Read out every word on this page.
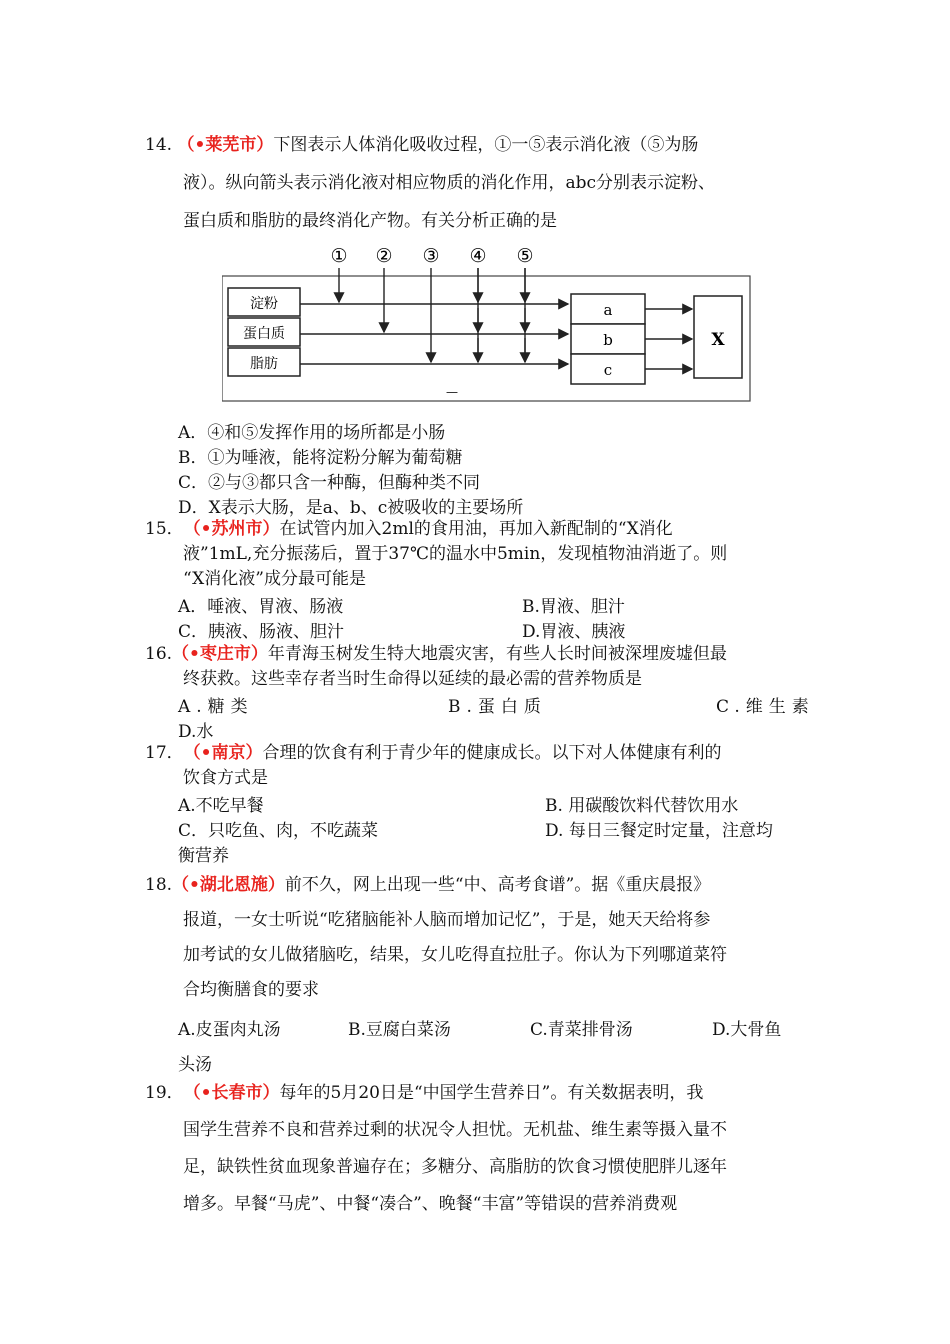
14. （•莱芜市）下图表示人体消化吸收过程，①一⑤表示消化液（⑤为肠
液）。纵向箭头表示消化液对相应物质的消化作用，abc分别表示淀粉、
蛋白质和脂肪的最终消化产物。有关分析正确的是
淀粉
蛋白质
脂肪
① ② ③ ④ ⑤
a
b
c
X
—
A．④和⑤发挥作用的场所都是小肠
B．①为唾液，能将淀粉分解为葡萄糖
C．②与③都只含一种酶，但酶种类不同
D．X表示大肠，是a、b、c被吸收的主要场所
15．（•苏州市）在试管内加入2ml的食用油，再加入新配制的“X消化
液”1mL,充分振荡后，置于37℃的温水中5min，发现植物油消逝了。则
“X消化液”成分最可能是
A．唾液、胃液、肠液	B.胃液、胆汁
C．胰液、肠液、胆汁	D.胃液、胰液
16.（•枣庄市）年青海玉树发生特大地震灾害，有些人长时间被深埋废墟但最
终获救。这些幸存者当时生命得以延续的最必需的营养物质是
A.糖类	B.蛋白质	C.维生素
D.水
17．（•南京）合理的饮食有利于青少年的健康成长。以下对人体健康有利的
饮食方式是
A.不吃早餐	B. 用碳酸饮料代替饮用水
C．只吃鱼、肉，不吃蔬菜	D. 每日三餐定时定量，注意均
衡营养
18.（•湖北恩施）前不久，网上出现一些“中、高考食谱”。据《重庆晨报》
报道，一女士听说“吃猪脑能补人脑而增加记忆”，于是，她天天给将参
加考试的女儿做猪脑吃，结果，女儿吃得直拉肚子。你认为下列哪道菜符
合均衡膳食的要求
A.皮蛋肉丸汤	B.豆腐白菜汤	C.青菜排骨汤	D.大骨鱼
头汤
19．（•长春市）每年的5月20日是“中国学生营养日”。有关数据表明，我
国学生营养不良和营养过剩的状况令人担忧。无机盐、维生素等摄入量不
足，缺铁性贫血现象普遍存在；多糖分、高脂肪的饮食习惯使肥胖儿逐年
增多。早餐“马虎”、中餐“凑合”、晚餐“丰富”等错误的营养消费观
